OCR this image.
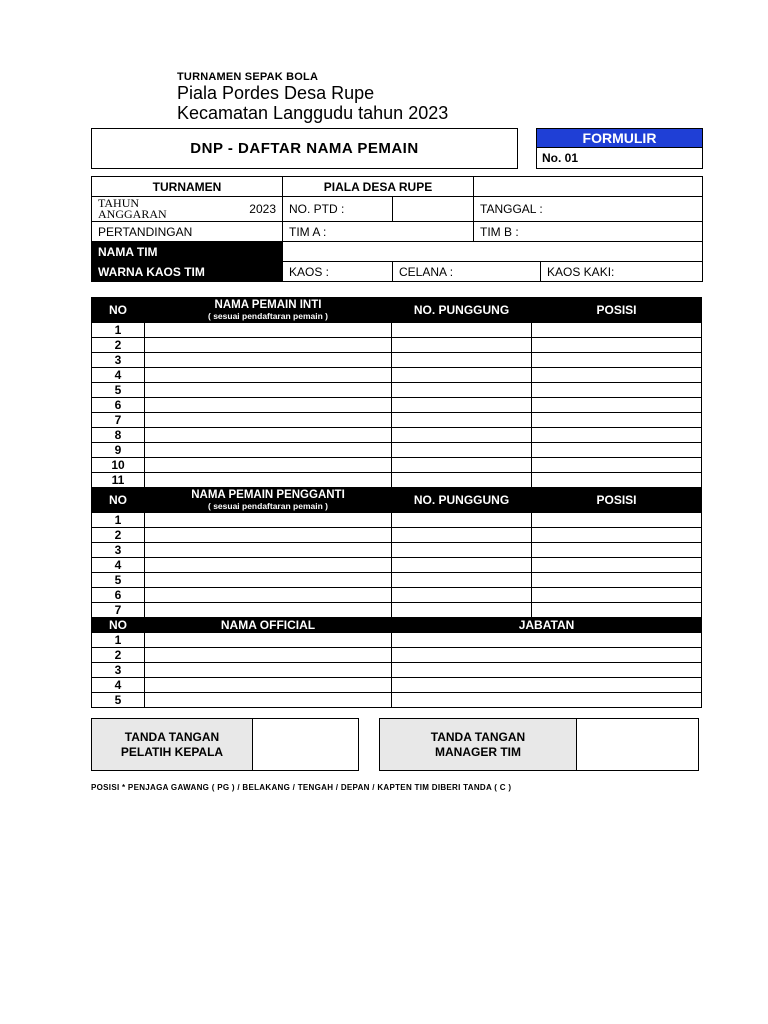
TURNAMEN SEPAK BOLA
Piala Pordes Desa Rupe
Kecamatan Langgudu tahun 2023
DNP - DAFTAR NAMA PEMAIN
FORMULIR
No. 01
TURNAMEN	PIALA DESA RUPE			
TAHUN
ANGGARAN 2023	NO. PTD :		TANGGAL :	
PERTANDINGAN	TIM A :		TIM B :	
NAMA TIM				
WARNA KAOS TIM	KAOS :	CELANA :		KAOS KAKI:
NO	NAMA PEMAIN INTI
( sesuai pendaftaran pemain )	NO. PUNGGUNG	POSISI
1			
2			
3			
4			
5			
6			
7			
8			
9			
10			
11			
NO	NAMA PEMAIN PENGGANTI
( sesuai pendaftaran pemain )	NO. PUNGGUNG	POSISI
1			
2			
3			
4			
5			
6			
7			
NO	NAMA OFFICIAL	JABATAN	
1			
2			
3			
4			
5			
TANDA TANGAN
PELATIH KEPALA
TANDA TANGAN
MANAGER TIM
POSISI * PENJAGA GAWANG ( PG ) / BELAKANG / TENGAH / DEPAN / KAPTEN TIM DIBERI TANDA ( C )
